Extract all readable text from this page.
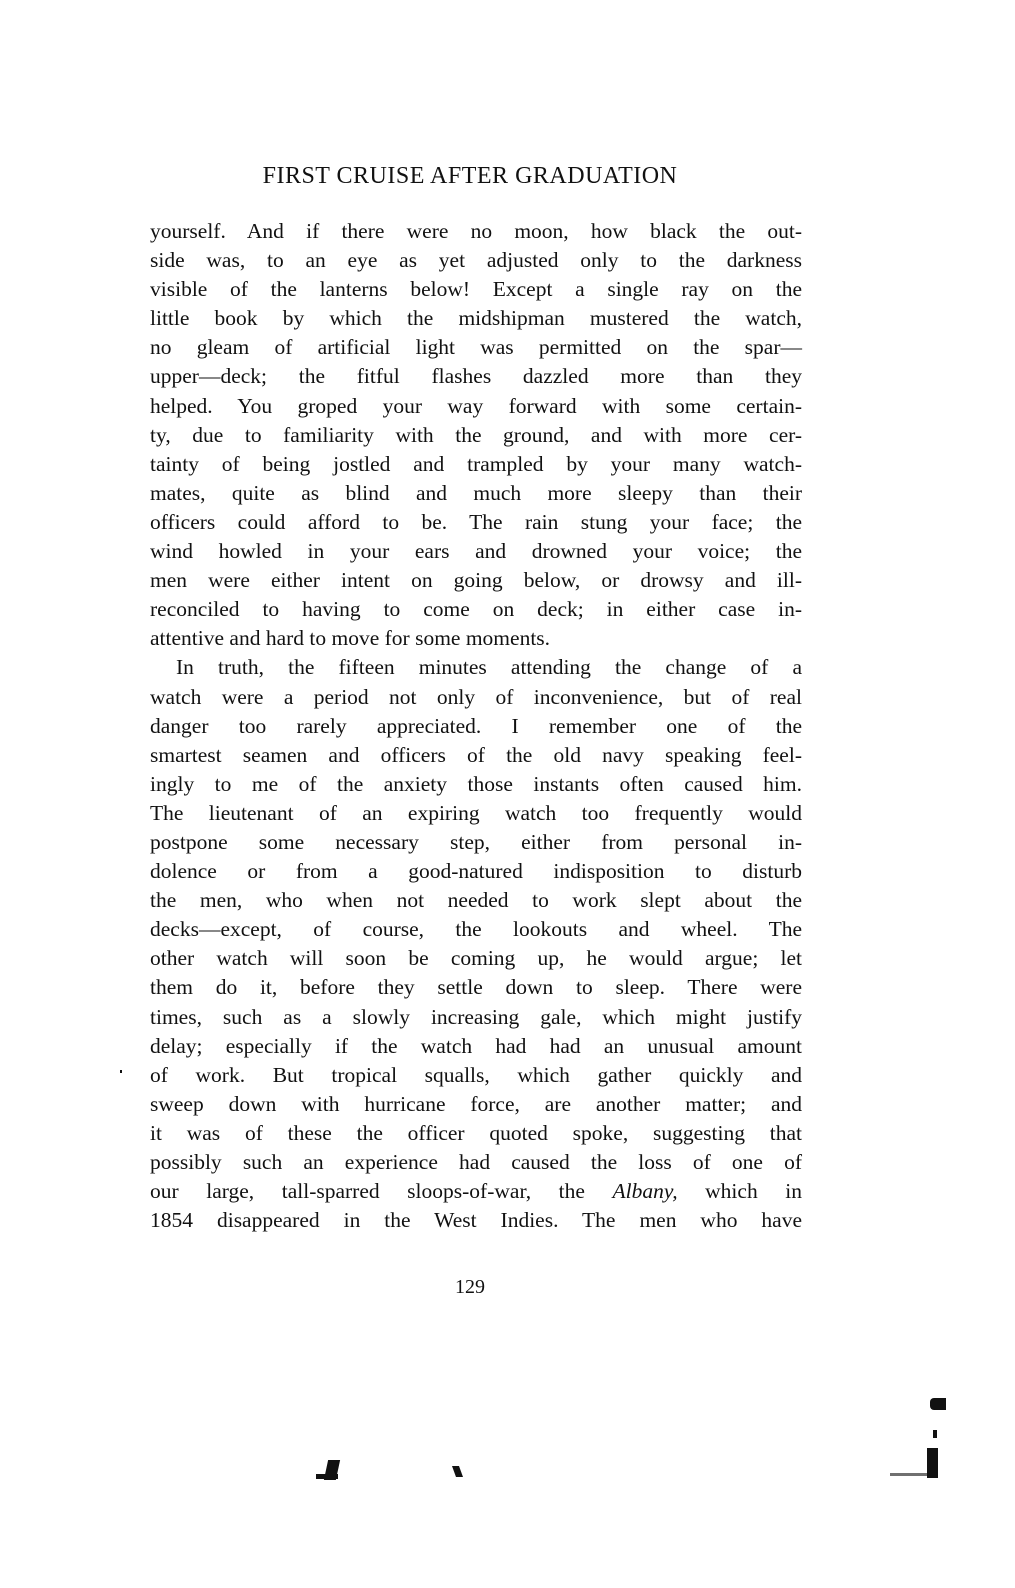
FIRST CRUISE AFTER GRADUATION
yourself. And if there were no moon, how black the out-
side was, to an eye as yet adjusted only to the darkness
visible of the lanterns below! Except a single ray on the
little book by which the midshipman mustered the watch,
no gleam of artificial light was permitted on the spar—
upper—deck; the fitful flashes dazzled more than they
helped. You groped your way forward with some certain-
ty, due to familiarity with the ground, and with more cer-
tainty of being jostled and trampled by your many watch-
mates, quite as blind and much more sleepy than their
officers could afford to be. The rain stung your face; the
wind howled in your ears and drowned your voice; the
men were either intent on going below, or drowsy and ill-
reconciled to having to come on deck; in either case in-
attentive and hard to move for some moments.
In truth, the fifteen minutes attending the change of a
watch were a period not only of inconvenience, but of real
danger too rarely appreciated. I remember one of the
smartest seamen and officers of the old navy speaking feel-
ingly to me of the anxiety those instants often caused him.
The lieutenant of an expiring watch too frequently would
postpone some necessary step, either from personal in-
dolence or from a good-natured indisposition to disturb
the men, who when not needed to work slept about the
decks—except, of course, the lookouts and wheel. The
other watch will soon be coming up, he would argue; let
them do it, before they settle down to sleep. There were
times, such as a slowly increasing gale, which might justify
delay; especially if the watch had had an unusual amount
of work. But tropical squalls, which gather quickly and
sweep down with hurricane force, are another matter; and
it was of these the officer quoted spoke, suggesting that
possibly such an experience had caused the loss of one of
our large, tall-sparred sloops-of-war, the Albany, which in
1854 disappeared in the West Indies. The men who have
129
